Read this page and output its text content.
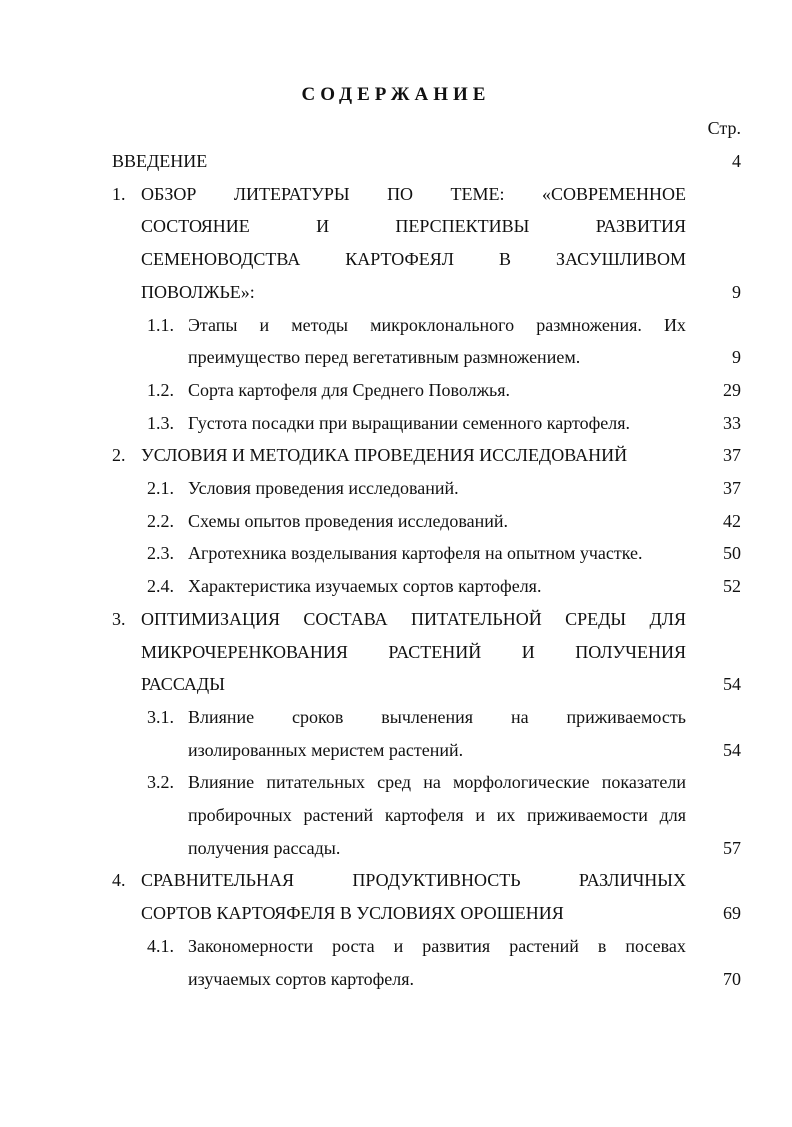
СОДЕРЖАНИЕ
Стр.
ВВЕДЕНИЕ	4
1. ОБЗОР ЛИТЕРАТУРЫ ПО ТЕМЕ: «СОВРЕМЕННОЕ
СОСТОЯНИЕ	И	ПЕРСПЕКТИВЫ	РАЗВИТИЯ
СЕМЕНОВОДСТВА	КАРТОФЕЯЛ	В	ЗАСУШЛИВОМ
ПОВОЛЖЬЕ»:	9
1.1. Этапы и методы микроклонального размножения. Их
преимущество перед вегетативным размножением.	9
1.2. Сорта картофеля для Среднего Поволжья.	29
1.3. Густота посадки при выращивании семенного картофеля.	33
2. УСЛОВИЯ И МЕТОДИКА ПРОВЕДЕНИЯ ИССЛЕДОВАНИЙ	37
2.1. Условия проведения исследований.	37
2.2. Схемы опытов проведения исследований.	42
2.3. Агротехника возделывания картофеля на опытном участке.	50
2.4. Характеристика изучаемых сортов картофеля.	52
3. ОПТИМИЗАЦИЯ СОСТАВА ПИТАТЕЛЬНОЙ СРЕДЫ ДЛЯ
МИКРОЧЕРЕНКОВАНИЯ РАСТЕНИЙ И ПОЛУЧЕНИЯ
РАССАДЫ	54
3.1. Влияние сроков вычленения на приживаемость
изолированных меристем растений.	54
3.2. Влияние питательных сред на морфологические показатели
пробирочных растений картофеля и их приживаемости для
получения рассады.	57
4. СРАВНИТЕЛЬНАЯ	ПРОДУКТИВНОСТЬ	РАЗЛИЧНЫХ
СОРТОВ КАРТОЯФЕЛЯ В УСЛОВИЯХ ОРОШЕНИЯ	69
4.1. Закономерности роста и развития растений в посевах
изучаемых сортов картофеля.	70
